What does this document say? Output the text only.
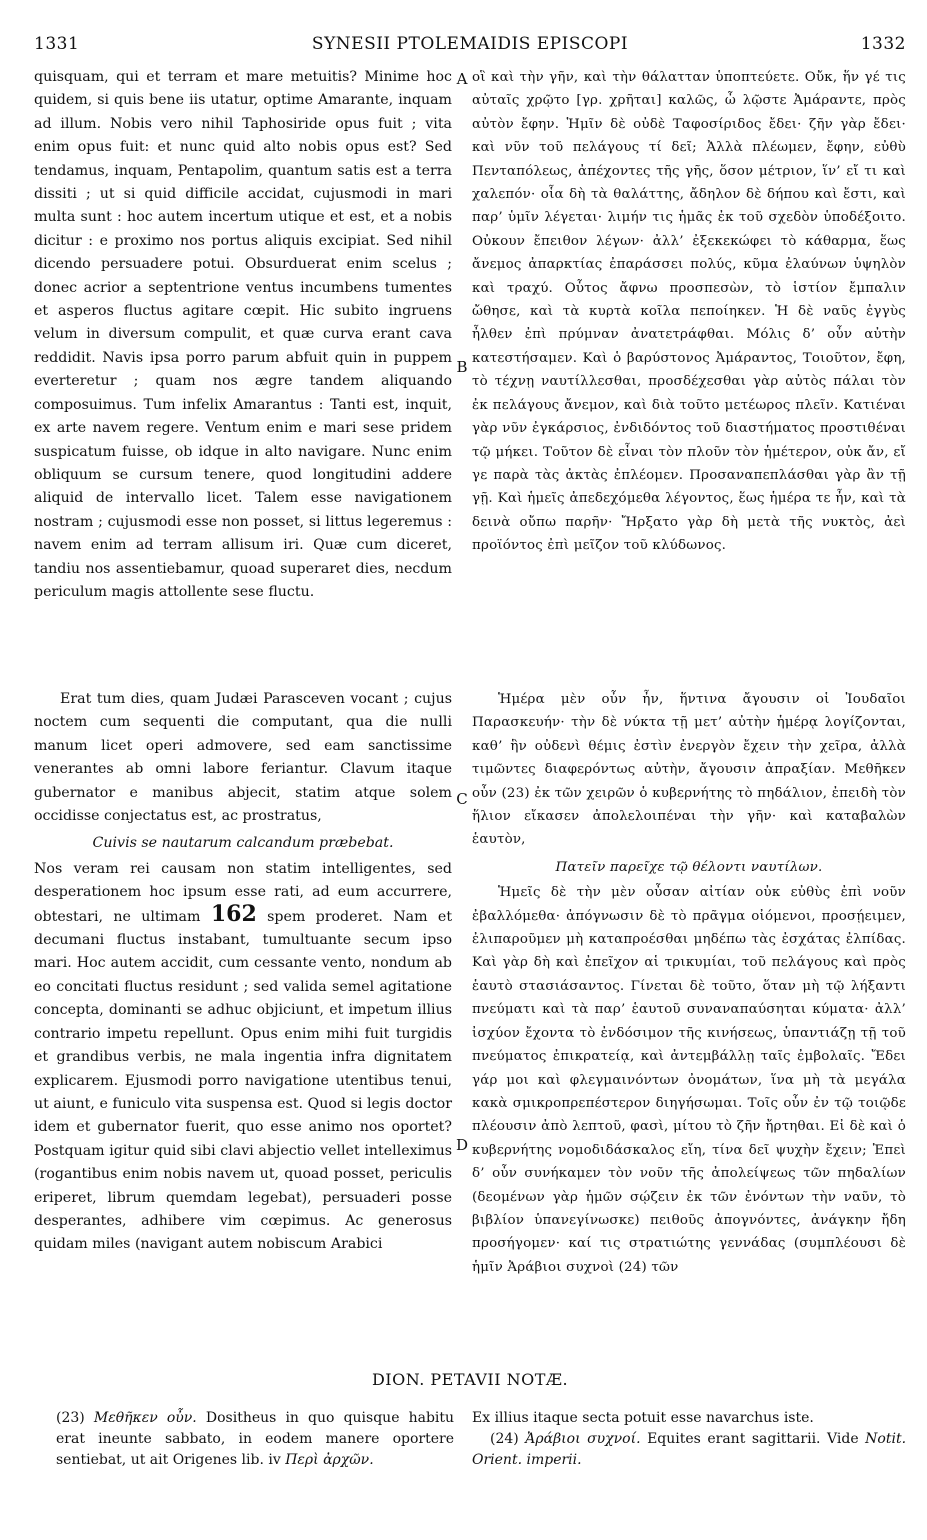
1331	SYNESII PTOLEMAIDIS EPISCOPI	1332

quisquam, qui et terram et mare metuitis? Minime hoc quidem, si quis bene iis utatur, optime Amarante, inquam ad illum. Nobis vero nihil Taphosiride opus fuit ; vita enim opus fuit: et nunc quid alto nobis opus est? Sed tendamus, inquam, Pentapolim, quantum satis est a terra dissiti ; ut si quid difficile accidat, cujusmodi in mari multa sunt : hoc autem incertum utique et est, et a nobis dicitur : e proximo nos portus aliquis excipiat. Sed nihil dicendo persuadere potui. Obsurduerat enim scelus ; donec acrior a septentrione ventus incumbens tumentes et asperos fluctus agitare cœpit. Hic subito ingruens velum in diversum compulit, et quæ curva erant cava reddidit. Navis ipsa porro parum abfuit quin in puppem everteretur ; quam nos ægre tandem aliquando composuimus. Tum infelix Amarantus : Tanti est, inquit, ex arte navem regere. Ventum enim e mari sese pridem suspicatum fuisse, ob idque in alto navigare. Nunc enim obliquum se cursum tenere, quod longitudini addere aliquid de intervallo licet. Talem esse navigationem nostram ; cujusmodi esse non posset, si littus legeremus : navem enim ad terram allisum iri. Quæ cum diceret, tandiu nos assentiebamur, quoad superaret dies, necdum periculum magis attollente sese fluctu.

Erat tum dies, quam Judæi Parasceven vocant ; cujus noctem cum sequenti die computant, qua die nulli manum licet operi admovere, sed eam sanctissime venerantes ab omni labore feriantur. Clavum itaque gubernator e manibus abjecit, statim atque solem occidisse conjectatus est, ac prostratus,

Cuivis se nautarum calcandum præbebat.

Nos veram rei causam non statim intelligentes, sed desperationem hoc ipsum esse rati, ad eum accurrere, obtestari, ne ultimam 162 spem proderet. Nam et decumani fluctus instabant, tumultuante secum ipso mari. Hoc autem accidit, cum cessante vento, nondum ab eo concitati fluctus residunt ; sed valida semel agitatione concepta, dominanti se adhuc objiciunt, et impetum illius contrario impetu repellunt. Opus enim mihi fuit turgidis et grandibus verbis, ne mala ingentia infra dignitatem explicarem. Ejusmodi porro navigatione utentibus tenui, ut aiunt, e funiculo vita suspensa est. Quod si legis doctor idem et gubernator fuerit, quo esse animo nos oportet? Postquam igitur quid sibi clavi abjectio vellet intelleximus (rogantibus enim nobis navem ut, quoad posset, periculis eriperet, librum quemdam legebat), persuaderi posse desperantes, adhibere vim cœpimus. Ac generosus quidam miles (navigant autem nobiscum Arabici

A
B
C
D

οἳ καὶ τὴν γῆν, καὶ τὴν θάλατταν ὑποπτεύετε. Οὔκ, ἥν γέ τις αὐταῖς χρῷτο [γρ. χρῆται] καλῶς, ὦ λῷστε Ἀμάραντε, πρὸς αὐτὸν ἔφην. Ἡμῖν δὲ οὐδὲ Ταφοσίριδος ἔδει· ζῆν γὰρ ἔδει· καὶ νῦν τοῦ πελάγους τί δεῖ; Ἀλλὰ πλέωμεν, ἔφην, εὐθὺ Πενταπόλεως, ἀπέχοντες τῆς γῆς, ὅσον μέτριον, ἵν’ εἴ τι καὶ χαλεπόν· οἷα δὴ τὰ θαλάττης, ἄδηλον δὲ δήπου καὶ ἔστι, καὶ παρ’ ὑμῖν λέγεται· λιμήν τις ἡμᾶς ἐκ τοῦ σχεδὸν ὑποδέξοιτο. Οὐκουν ἔπειθον λέγων· ἀλλ’ ἐξεκεκώφει τὸ κάθαρμα, ἕως ἄνεμος ἀπαρκτίας ἐπαράσσει πολύς, κῦμα ἐλαύνων ὑψηλὸν καὶ τραχύ. Οὗτος ἄφνω προσπεσὼν, τὸ ἱστίον ἔμπαλιν ὤθησε, καὶ τὰ κυρτὰ κοῖλα πεποίηκεν. Ἡ δὲ ναῦς ἐγγὺς ἦλθεν ἐπὶ πρύμναν ἀνατετράφθαι. Μόλις δ’ οὖν αὐτὴν κατεστήσαμεν. Καὶ ὁ βαρύστονος Ἀμάραντος, Τοιοῦτον, ἔφη, τὸ τέχνῃ ναυτίλλεσθαι, προσδέχεσθαι γὰρ αὐτὸς πάλαι τὸν ἐκ πελάγους ἄνεμον, καὶ διὰ τοῦτο μετέωρος πλεῖν. Κατιέναι γὰρ νῦν ἐγκάρσιος, ἐνδιδόντος τοῦ διαστήματος προστιθέναι τῷ μήκει. Τοῦτον δὲ εἶναι τὸν πλοῦν τὸν ἡμέτερον, οὐκ ἄν, εἴ γε παρὰ τὰς ἀκτὰς ἐπλέομεν. Προσαναπεπλάσθαι γὰρ ἂν τῇ γῇ. Καὶ ἡμεῖς ἀπεδεχόμεθα λέγοντος, ἕως ἡμέρα τε ἦν, καὶ τὰ δεινὰ οὔπω παρῆν· Ἤρξατο γὰρ δὴ μετὰ τῆς νυκτὸς, ἀεὶ προϊόντος ἐπὶ μεῖζον τοῦ κλύδωνος.

Ἡμέρα μὲν οὖν ἦν, ἥντινα ἄγουσιν οἱ Ἰουδαῖοι Παρασκευήν· τὴν δὲ νύκτα τῇ μετ’ αὐτὴν ἡμέρᾳ λογίζονται, καθ’ ἣν οὐδενὶ θέμις ἐστὶν ἐνεργὸν ἔχειν τὴν χεῖρα, ἀλλὰ τιμῶντες διαφερόντως αὐτὴν, ἄγουσιν ἀπραξίαν. Μεθῆκεν οὖν (23) ἐκ τῶν χειρῶν ὁ κυβερνήτης τὸ πηδάλιον, ἐπειδὴ τὸν ἥλιον εἴκασεν ἀπολελοιπέναι τὴν γῆν· καὶ καταβαλὼν ἑαυτὸν,

Πατεῖν παρεῖχε τῷ θέλοντι ναυτίλων.

Ἡμεῖς δὲ τὴν μὲν οὖσαν αἰτίαν οὐκ εὐθὺς ἐπὶ νοῦν ἐβαλλόμεθα· ἀπόγνωσιν δὲ τὸ πρᾶγμα οἰόμενοι, προσῄειμεν, ἐλιπαροῦμεν μὴ καταπροέσθαι μηδέπω τὰς ἐσχάτας ἐλπίδας. Καὶ γὰρ δὴ καὶ ἐπεῖχον αἱ τρικυμίαι, τοῦ πελάγους καὶ πρὸς ἑαυτὸ στασιάσαντος. Γίνεται δὲ τοῦτο, ὅταν μὴ τῷ λήξαντι πνεύματι καὶ τὰ παρ’ ἑαυτοῦ συναναπαύσηται κύματα· ἀλλ’ ἰσχύον ἔχοντα τὸ ἐνδόσιμον τῆς κινήσεως, ὑπαντιάζῃ τῇ τοῦ πνεύματος ἐπικρατείᾳ, καὶ ἀντεμβάλλῃ ταῖς ἐμβολαῖς. Ἔδει γάρ μοι καὶ φλεγμαινόντων ὀνομάτων, ἵνα μὴ τὰ μεγάλα κακὰ σμικροπρεπέστερον διηγήσωμαι. Τοῖς οὖν ἐν τῷ τοιῷδε πλέουσιν ἀπὸ λεπτοῦ, φασὶ, μίτου τὸ ζῆν ἤρτηθαι. Εἰ δὲ καὶ ὁ κυβερνήτης νομοδιδάσκαλος εἴη, τίνα δεῖ ψυχὴν ἔχειν; Ἐπεὶ δ’ οὖν συνήκαμεν τὸν νοῦν τῆς ἀπολείψεως τῶν πηδαλίων (δεομένων γὰρ ἡμῶν σῴζειν ἐκ τῶν ἐνόντων τὴν ναῦν, τὸ βιβλίον ὑπανεγίνωσκε) πειθοῦς ἀπογνόντες, ἀνάγκην ἤδη προσήγομεν· καί τις στρατιώτης γεννάδας (συμπλέουσι δὲ ἡμῖν Ἀράβιοι συχνοὶ (24) τῶν

DION. PETAVII NOTÆ.

(23) Μεθῆκεν οὖν. Dositheus in quo quisque habitu erat ineunte sabbato, in eodem manere oportere sentiebat, ut ait Origenes lib. iv Περὶ ἀρχῶν.

Ex illius itaque secta potuit esse navarchus iste.

(24) Ἀράβιοι συχνοί. Equites erant sagittarii. Vide Notit. Orient. imperii.
